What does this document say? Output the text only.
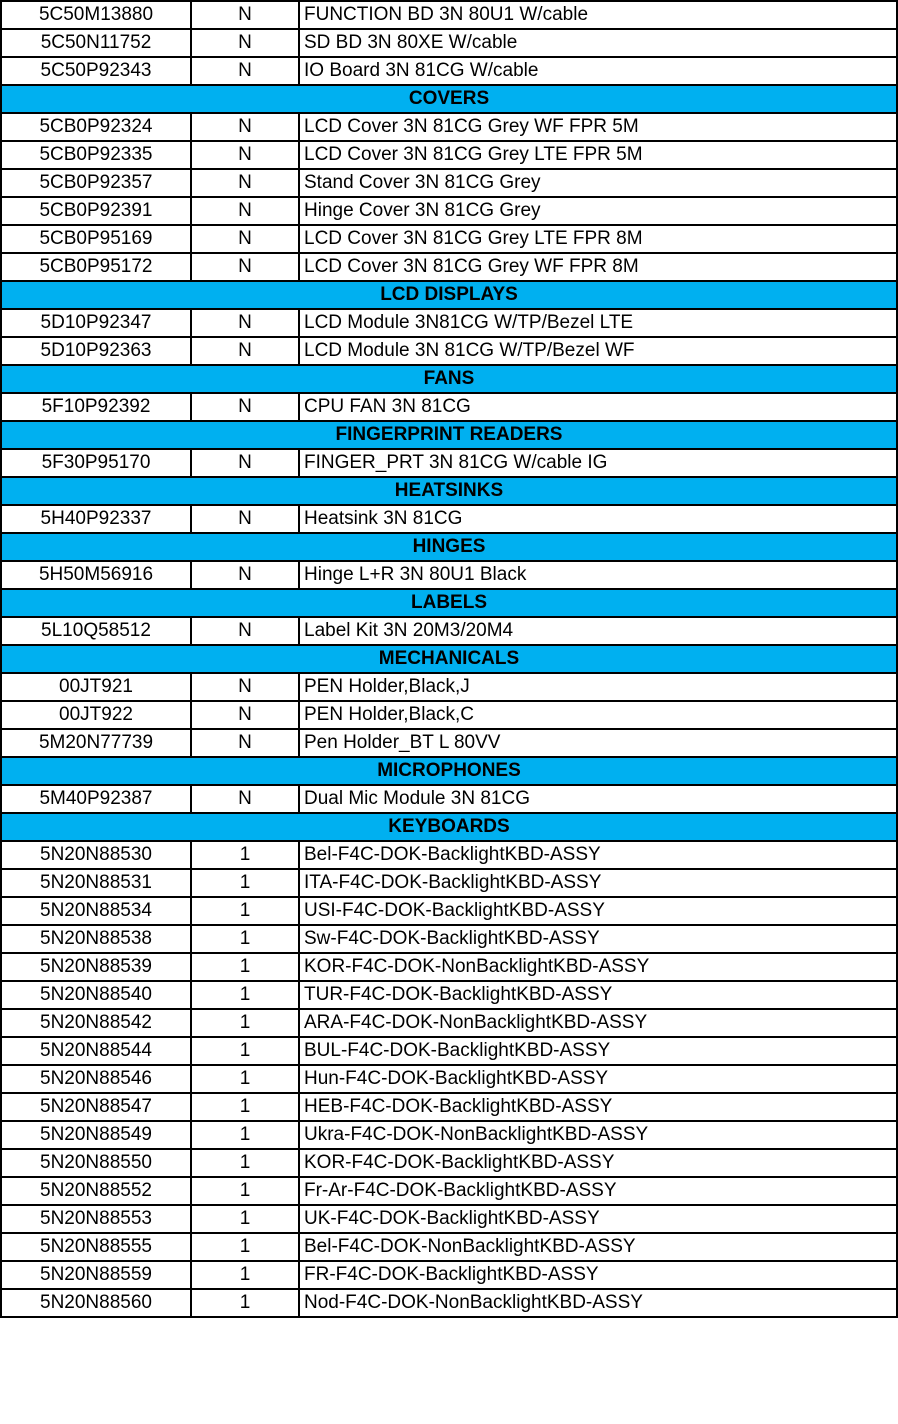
5C50M13880	N	FUNCTION BD 3N 80U1 W/cable
5C50N11752	N	SD BD 3N 80XE W/cable
5C50P92343	N	IO Board 3N 81CG W/cable
COVERS		
5CB0P92324	N	LCD Cover 3N 81CG Grey WF FPR 5M
5CB0P92335	N	LCD Cover 3N 81CG Grey LTE FPR 5M
5CB0P92357	N	Stand Cover 3N 81CG Grey
5CB0P92391	N	Hinge Cover 3N 81CG Grey
5CB0P95169	N	LCD Cover 3N 81CG Grey LTE FPR 8M
5CB0P95172	N	LCD Cover 3N 81CG Grey WF FPR 8M
LCD DISPLAYS		
5D10P92347	N	LCD Module 3N81CG W/TP/Bezel LTE
5D10P92363	N	LCD Module 3N 81CG W/TP/Bezel WF
FANS		
5F10P92392	N	CPU FAN 3N 81CG
FINGERPRINT READERS		
5F30P95170	N	FINGER_PRT 3N 81CG W/cable IG
HEATSINKS		
5H40P92337	N	Heatsink 3N 81CG
HINGES		
5H50M56916	N	Hinge L+R 3N 80U1 Black
LABELS		
5L10Q58512	N	Label Kit 3N 20M3/20M4
MECHANICALS		
00JT921	N	PEN Holder,Black,J
00JT922	N	PEN Holder,Black,C
5M20N77739	N	Pen Holder_BT L 80VV
MICROPHONES		
5M40P92387	N	Dual Mic Module 3N 81CG
KEYBOARDS		
5N20N88530	1	Bel-F4C-DOK-BacklightKBD-ASSY
5N20N88531	1	ITA-F4C-DOK-BacklightKBD-ASSY
5N20N88534	1	USI-F4C-DOK-BacklightKBD-ASSY
5N20N88538	1	Sw-F4C-DOK-BacklightKBD-ASSY
5N20N88539	1	KOR-F4C-DOK-NonBacklightKBD-ASSY
5N20N88540	1	TUR-F4C-DOK-BacklightKBD-ASSY
5N20N88542	1	ARA-F4C-DOK-NonBacklightKBD-ASSY
5N20N88544	1	BUL-F4C-DOK-BacklightKBD-ASSY
5N20N88546	1	Hun-F4C-DOK-BacklightKBD-ASSY
5N20N88547	1	HEB-F4C-DOK-BacklightKBD-ASSY
5N20N88549	1	Ukra-F4C-DOK-NonBacklightKBD-ASSY
5N20N88550	1	KOR-F4C-DOK-BacklightKBD-ASSY
5N20N88552	1	Fr-Ar-F4C-DOK-BacklightKBD-ASSY
5N20N88553	1	UK-F4C-DOK-BacklightKBD-ASSY
5N20N88555	1	Bel-F4C-DOK-NonBacklightKBD-ASSY
5N20N88559	1	FR-F4C-DOK-BacklightKBD-ASSY
5N20N88560	1	Nod-F4C-DOK-NonBacklightKBD-ASSY
